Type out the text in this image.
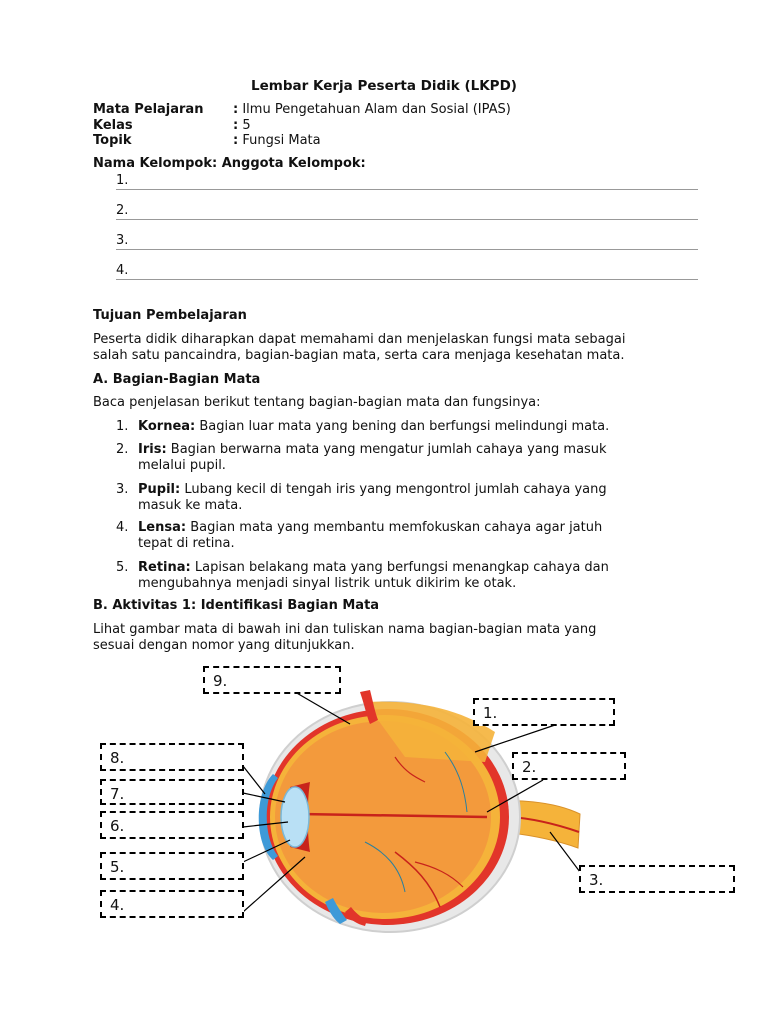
Lembar Kerja Peserta Didik (LKPD)
Mata Pelajaran : Ilmu Pengetahuan Alam dan Sosial (IPAS)
Kelas	: 5
Topik	: Fungsi Mata
Nama Kelompok: Anggota Kelompok:
1.
2.
3.
4.
Tujuan Pembelajaran
Peserta didik diharapkan dapat memahami dan menjelaskan fungsi mata sebagai
salah satu pancaindra, bagian-bagian mata, serta cara menjaga kesehatan mata.
A. Bagian-Bagian Mata
Baca penjelasan berikut tentang bagian-bagian mata dan fungsinya:
1. Kornea: Bagian luar mata yang bening dan berfungsi melindungi mata.
2. Iris: Bagian berwarna mata yang mengatur jumlah cahaya yang masuk
melalui pupil.
3. Pupil: Lubang kecil di tengah iris yang mengontrol jumlah cahaya yang
masuk ke mata.
4. Lensa: Bagian mata yang membantu memfokuskan cahaya agar jatuh
tepat di retina.
5. Retina: Lapisan belakang mata yang berfungsi menangkap cahaya dan
mengubahnya menjadi sinyal listrik untuk dikirim ke otak.
B. Aktivitas 1: Identifikasi Bagian Mata
Lihat gambar mata di bawah ini dan tuliskan nama bagian-bagian mata yang
sesuai dengan nomor yang ditunjukkan.
1.
2.
3.
4.
5.
6.
7.
8.
9.
